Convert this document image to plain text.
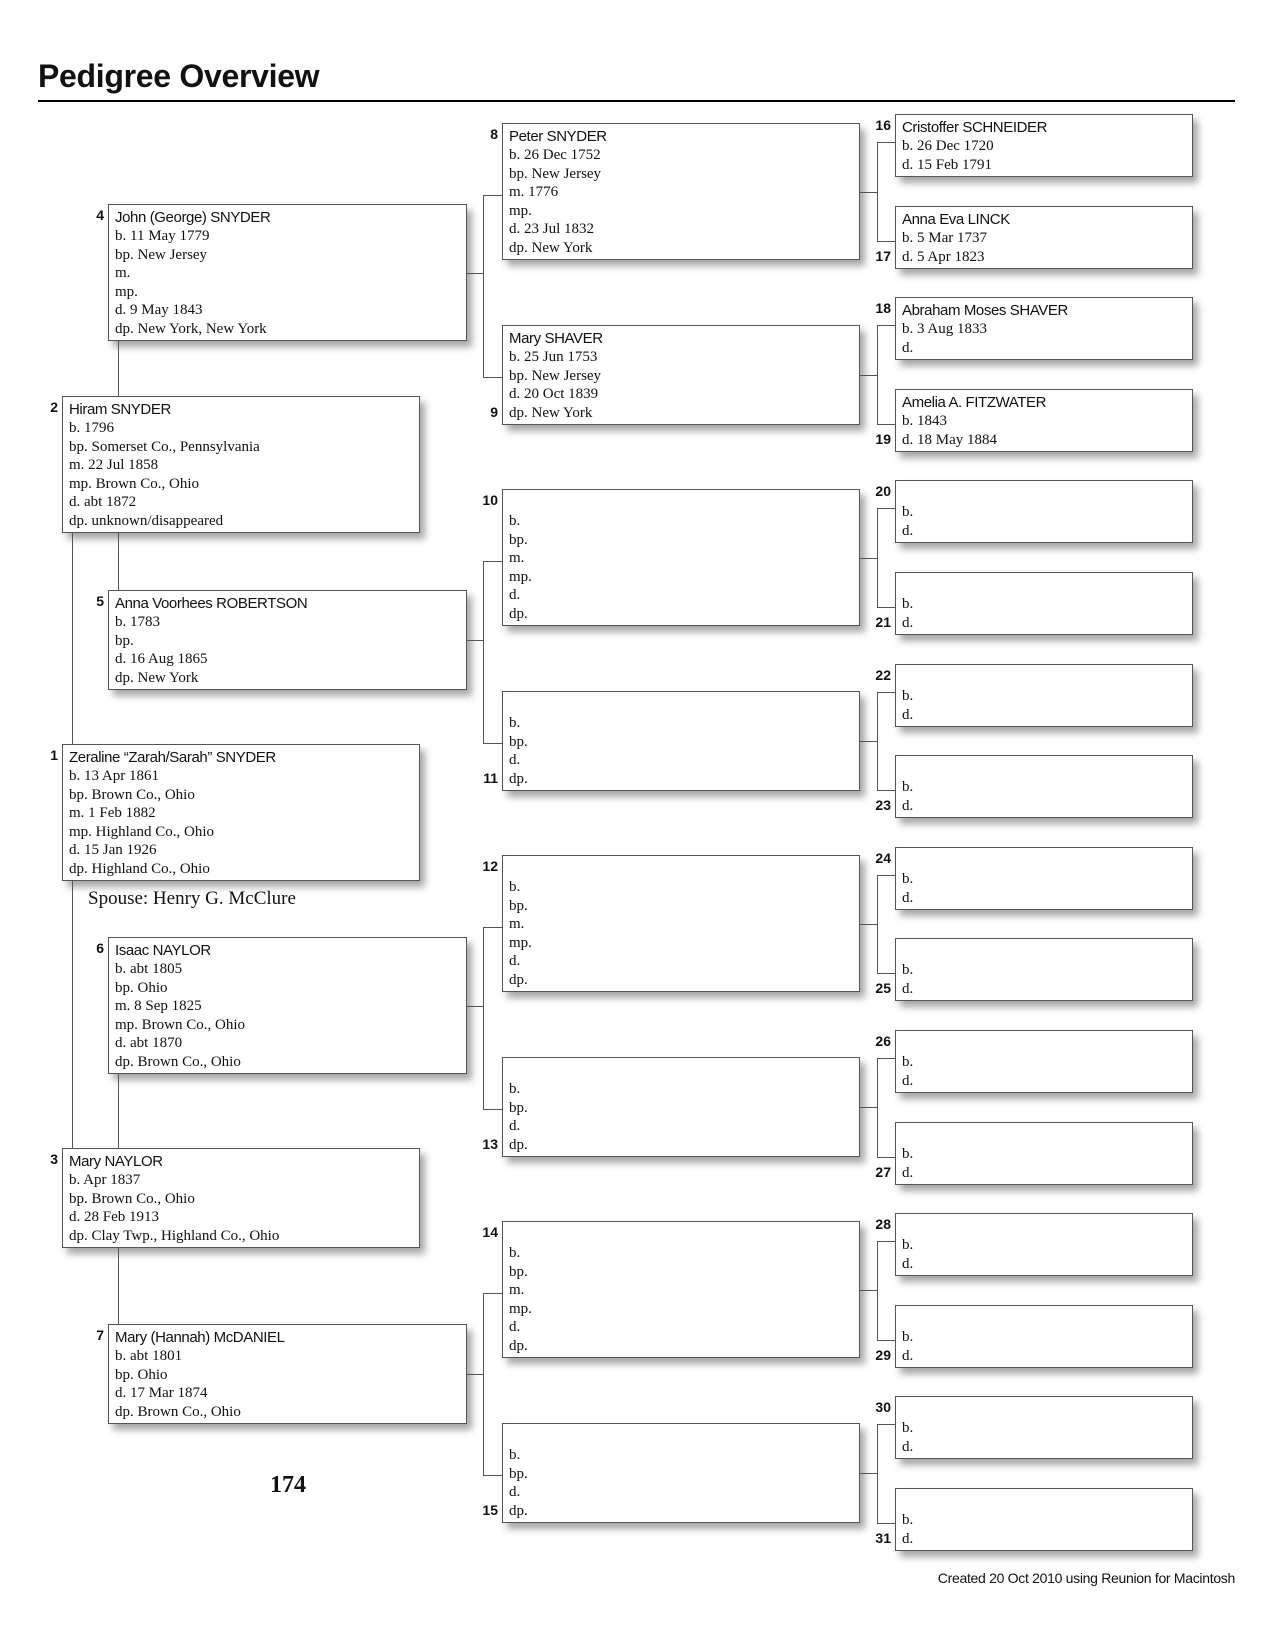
Pedigree Overview
Zeraline “Zarah/Sarah” SNYDER
b. 13 Apr 1861
bp. Brown Co., Ohio
m. 1 Feb 1882
mp. Highland Co., Ohio
d. 15 Jan 1926
dp. Highland Co., Ohio
1
Hiram SNYDER
b. 1796
bp. Somerset Co., Pennsylvania
m. 22 Jul 1858
mp. Brown Co., Ohio
d. abt 1872
dp. unknown/disappeared
2
Mary NAYLOR
b. Apr 1837
bp. Brown Co., Ohio
d. 28 Feb 1913
dp. Clay Twp., Highland Co., Ohio
3
John (George) SNYDER
b. 11 May 1779
bp. New Jersey
m.
mp.
d. 9 May 1843
dp. New York, New York
4
Anna Voorhees ROBERTSON
b. 1783
bp.
d. 16 Aug 1865
dp. New York
5
Isaac NAYLOR
b. abt 1805
bp. Ohio
m. 8 Sep 1825
mp. Brown Co., Ohio
d. abt 1870
dp. Brown Co., Ohio
6
Mary (Hannah) McDANIEL
b. abt 1801
bp. Ohio
d. 17 Mar 1874
dp. Brown Co., Ohio
7
Peter SNYDER
b. 26 Dec 1752
bp. New Jersey
m. 1776
mp.
d. 23 Jul 1832
dp. New York
8
Mary SHAVER
b. 25 Jun 1753
bp. New Jersey
d. 20 Oct 1839
dp. New York
9
b.
bp.
m.
mp.
d.
dp.
10
b.
bp.
d.
dp.
11
b.
bp.
m.
mp.
d.
dp.
12
b.
bp.
d.
dp.
13
b.
bp.
m.
mp.
d.
dp.
14
b.
bp.
d.
dp.
15
Cristoffer SCHNEIDER
b. 26 Dec 1720
d. 15 Feb 1791
16
Anna Eva LINCK
b. 5 Mar 1737
d. 5 Apr 1823
17
Abraham Moses SHAVER
b. 3 Aug 1833
d.
18
Amelia A. FITZWATER
b. 1843
d. 18 May 1884
19
b.
d.
20
b.
d.
21
b.
d.
22
b.
d.
23
b.
d.
24
b.
d.
25
b.
d.
26
b.
d.
27
b.
d.
28
b.
d.
29
b.
d.
30
b.
d.
31
Spouse: Henry G. McClure
174
Created 20 Oct 2010 using Reunion for Macintosh
